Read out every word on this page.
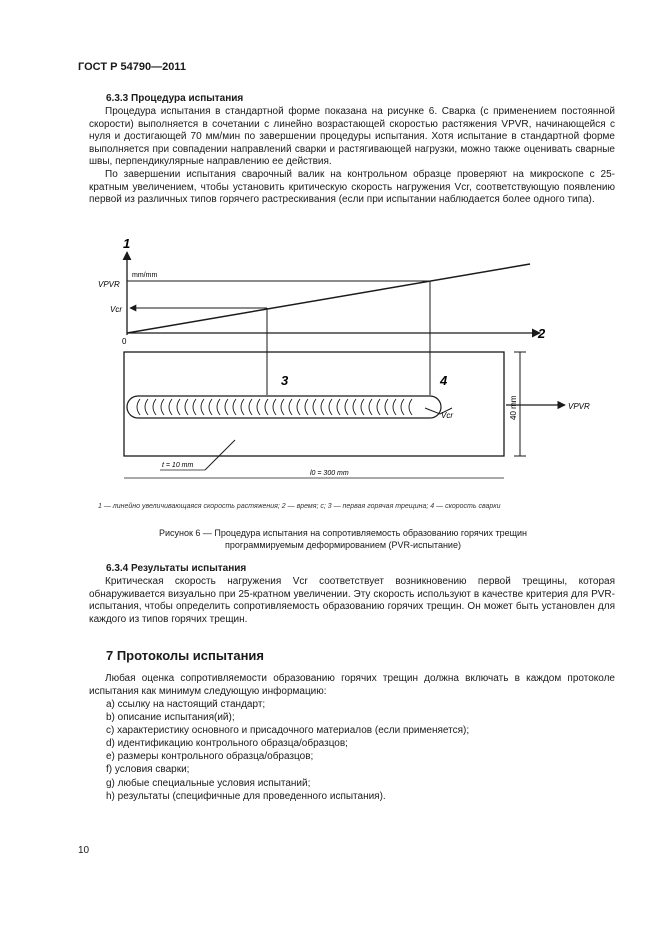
ГОСТ Р 54790—2011
6.3.3 Процедура испытания

Процедура испытания в стандартной форме показана на рисунке 6. Сварка (с применением постоянной скорости) выполняется в сочетании с линейно возрастающей скоростью растяжения VPVR, начинающейся с нуля и достигающей 70 мм/мин по завершении процедуры испытания. Хотя испытание в стандартной форме выполняется при совпадении направлений сварки и растягивающей нагрузки, можно также оценивать сварные швы, перпендикулярные направлению ее действия.

По завершении испытания сварочный валик на контрольном образце проверяют на микроскопе с 25-кратным увеличением, чтобы установить критическую скорость нагружения Vcr, соответствующую появлению первой из различных типов горячего растрескивания (если при испытании наблюдается более одного типа).

1
2
VPVR
mm/mm
Vcr
0
3	4
Vcr
VPVR
40 mm
t = 10 mm
l0 = 300 mm
1 — линейно увеличивающаяся скорость растяжения; 2 — время; с; 3 — первая горячая трещина; 4 — скорость сварки
Рисунок 6 — Процедура испытания на сопротивляемость образованию горячих трещин
программируемым деформированием (PVR-испытание)
6.3.4 Результаты испытания

Критическая скорость нагружения Vcr соответствует возникновению первой трещины, которая обнаруживается визуально при 25-кратном увеличении. Эту скорость используют в качестве критерия для PVR-испытания, чтобы определить сопротивляемость образованию горячих трещин. Он может быть установлен для каждого из типов горячих трещин.

7 Протоколы испытания

Любая оценка сопротивляемости образованию горячих трещин должна включать в каждом протоколе испытания как минимум следующую информацию:

a) ссылку на настоящий стандарт;
b) описание испытания(ий);
c) характеристику основного и присадочного материалов (если применяется);
d) идентификацию контрольного образца/образцов;
e) размеры контрольного образца/образцов;
f) условия сварки;
g) любые специальные условия испытаний;
h) результаты (специфичные для проведенного испытания).
10
